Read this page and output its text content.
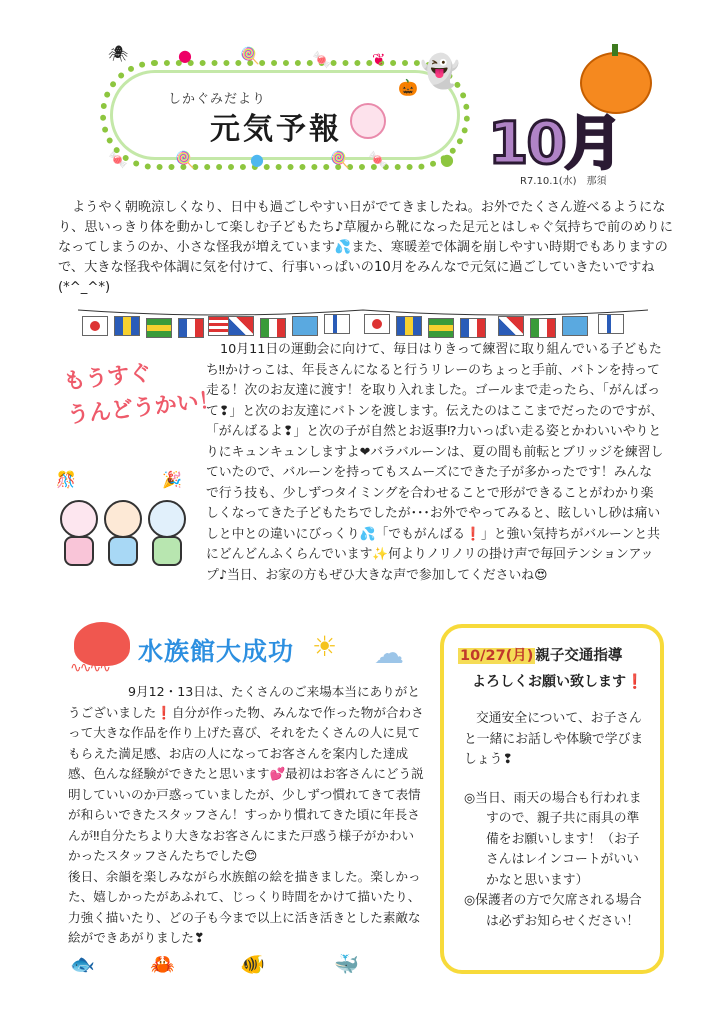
🕷	●	🍭	🍬	❦ 👻
🎃
🍬	🍭	●	🍭 🍬	●
しかぐみだより
元気予報	10月
R7.10.1(水)　那須
ようやく朝晩涼しくなり、日中も過ごしやすい日がでてきましたね。お外でたくさん遊べるようになり、思いっきり体を動かして楽しむ子どもたち♪草履から靴になった足元とはしゃぐ気持ちで前のめりになってしまうのか、小さな怪我が増えています💦また、寒暖差で体調を崩しやすい時期でもありますので、大きな怪我や体調に気を付けて、行事いっぱいの10月をみんなで元気に過ごしていきたいですね(*^_^*)
もうすぐ
うんどうかい！
10月11日の運動会に向けて、毎日はりきって練習に取り組んでいる子どもたち‼かけっこは、年長さんになると行うリレーのちょっと手前、バトンを持って走る！次のお友達に渡す！を取り入れました。ゴールまで走ったら、「がんばって❢」と次のお友達にバトンを渡します。伝えたのはここまでだったのですが、「がんばるよ❢」と次の子が自然とお返事⁉力いっぱい走る姿とかわいいやりとりにキュンキュンしますよ❤バラバルーンは、夏の間も前転とブリッジを練習していたので、バルーンを持ってもスムーズにできた子が多かったです！みんなで行う技も、少しずつタイミングを合わせることで形ができることがわかり楽しくなってきた子どもたちでしたが･･･お外でやってみると、眩しいし砂は痛いしと中との違いにびっくり💦「でもがんばる❗」と強い気持ちがバルーンと共にどんどんふくらんでいます✨何よりノリノリの掛け声で毎回テンションアップ♪当日、お家の方もぜひ大きな声で参加してくださいね😍
🎊	🎉
∿∿∿∿
水族館大成功 ☀ ☁

9月12・13日は、たくさんのご来場本当にありがとうございました❗自分が作った物、みんなで作った物が合わさって大きな作品を作り上げた喜び、それをたくさんの人に見てもらえた満足感、お店の人になってお客さんを案内した達成感、色んな経験ができたと思います💕最初はお客さんにどう説明していいのか戸惑っていましたが、少しずつ慣れてきて表情が和らいできたスタッフさん！すっかり慣れてきた頃に年長さんが‼自分たちより大きなお客さんにまた戸惑う様子がかわいかったスタッフさんたちでした😊

後日、余韻を楽しみながら水族館の絵を描きました。楽しかった、嬉しかったがあふれて、じっくり時間をかけて描いたり、力強く描いたり、どの子も今まで以上に活き活きとした素敵な絵ができあがりました❣

🐟	🦀	🐠	🐳
10/27(月) 親子交通指導
よろしくお願い致します❗
交通安全について、お子さんと一緒にお話しや体験で学びましょう❢
◎当日、雨天の場合も行われますので、親子共に雨具の準備をお願いします！（お子さんはレインコートがいいかなと思います）
◎保護者の方で欠席される場合は必ずお知らせください！
